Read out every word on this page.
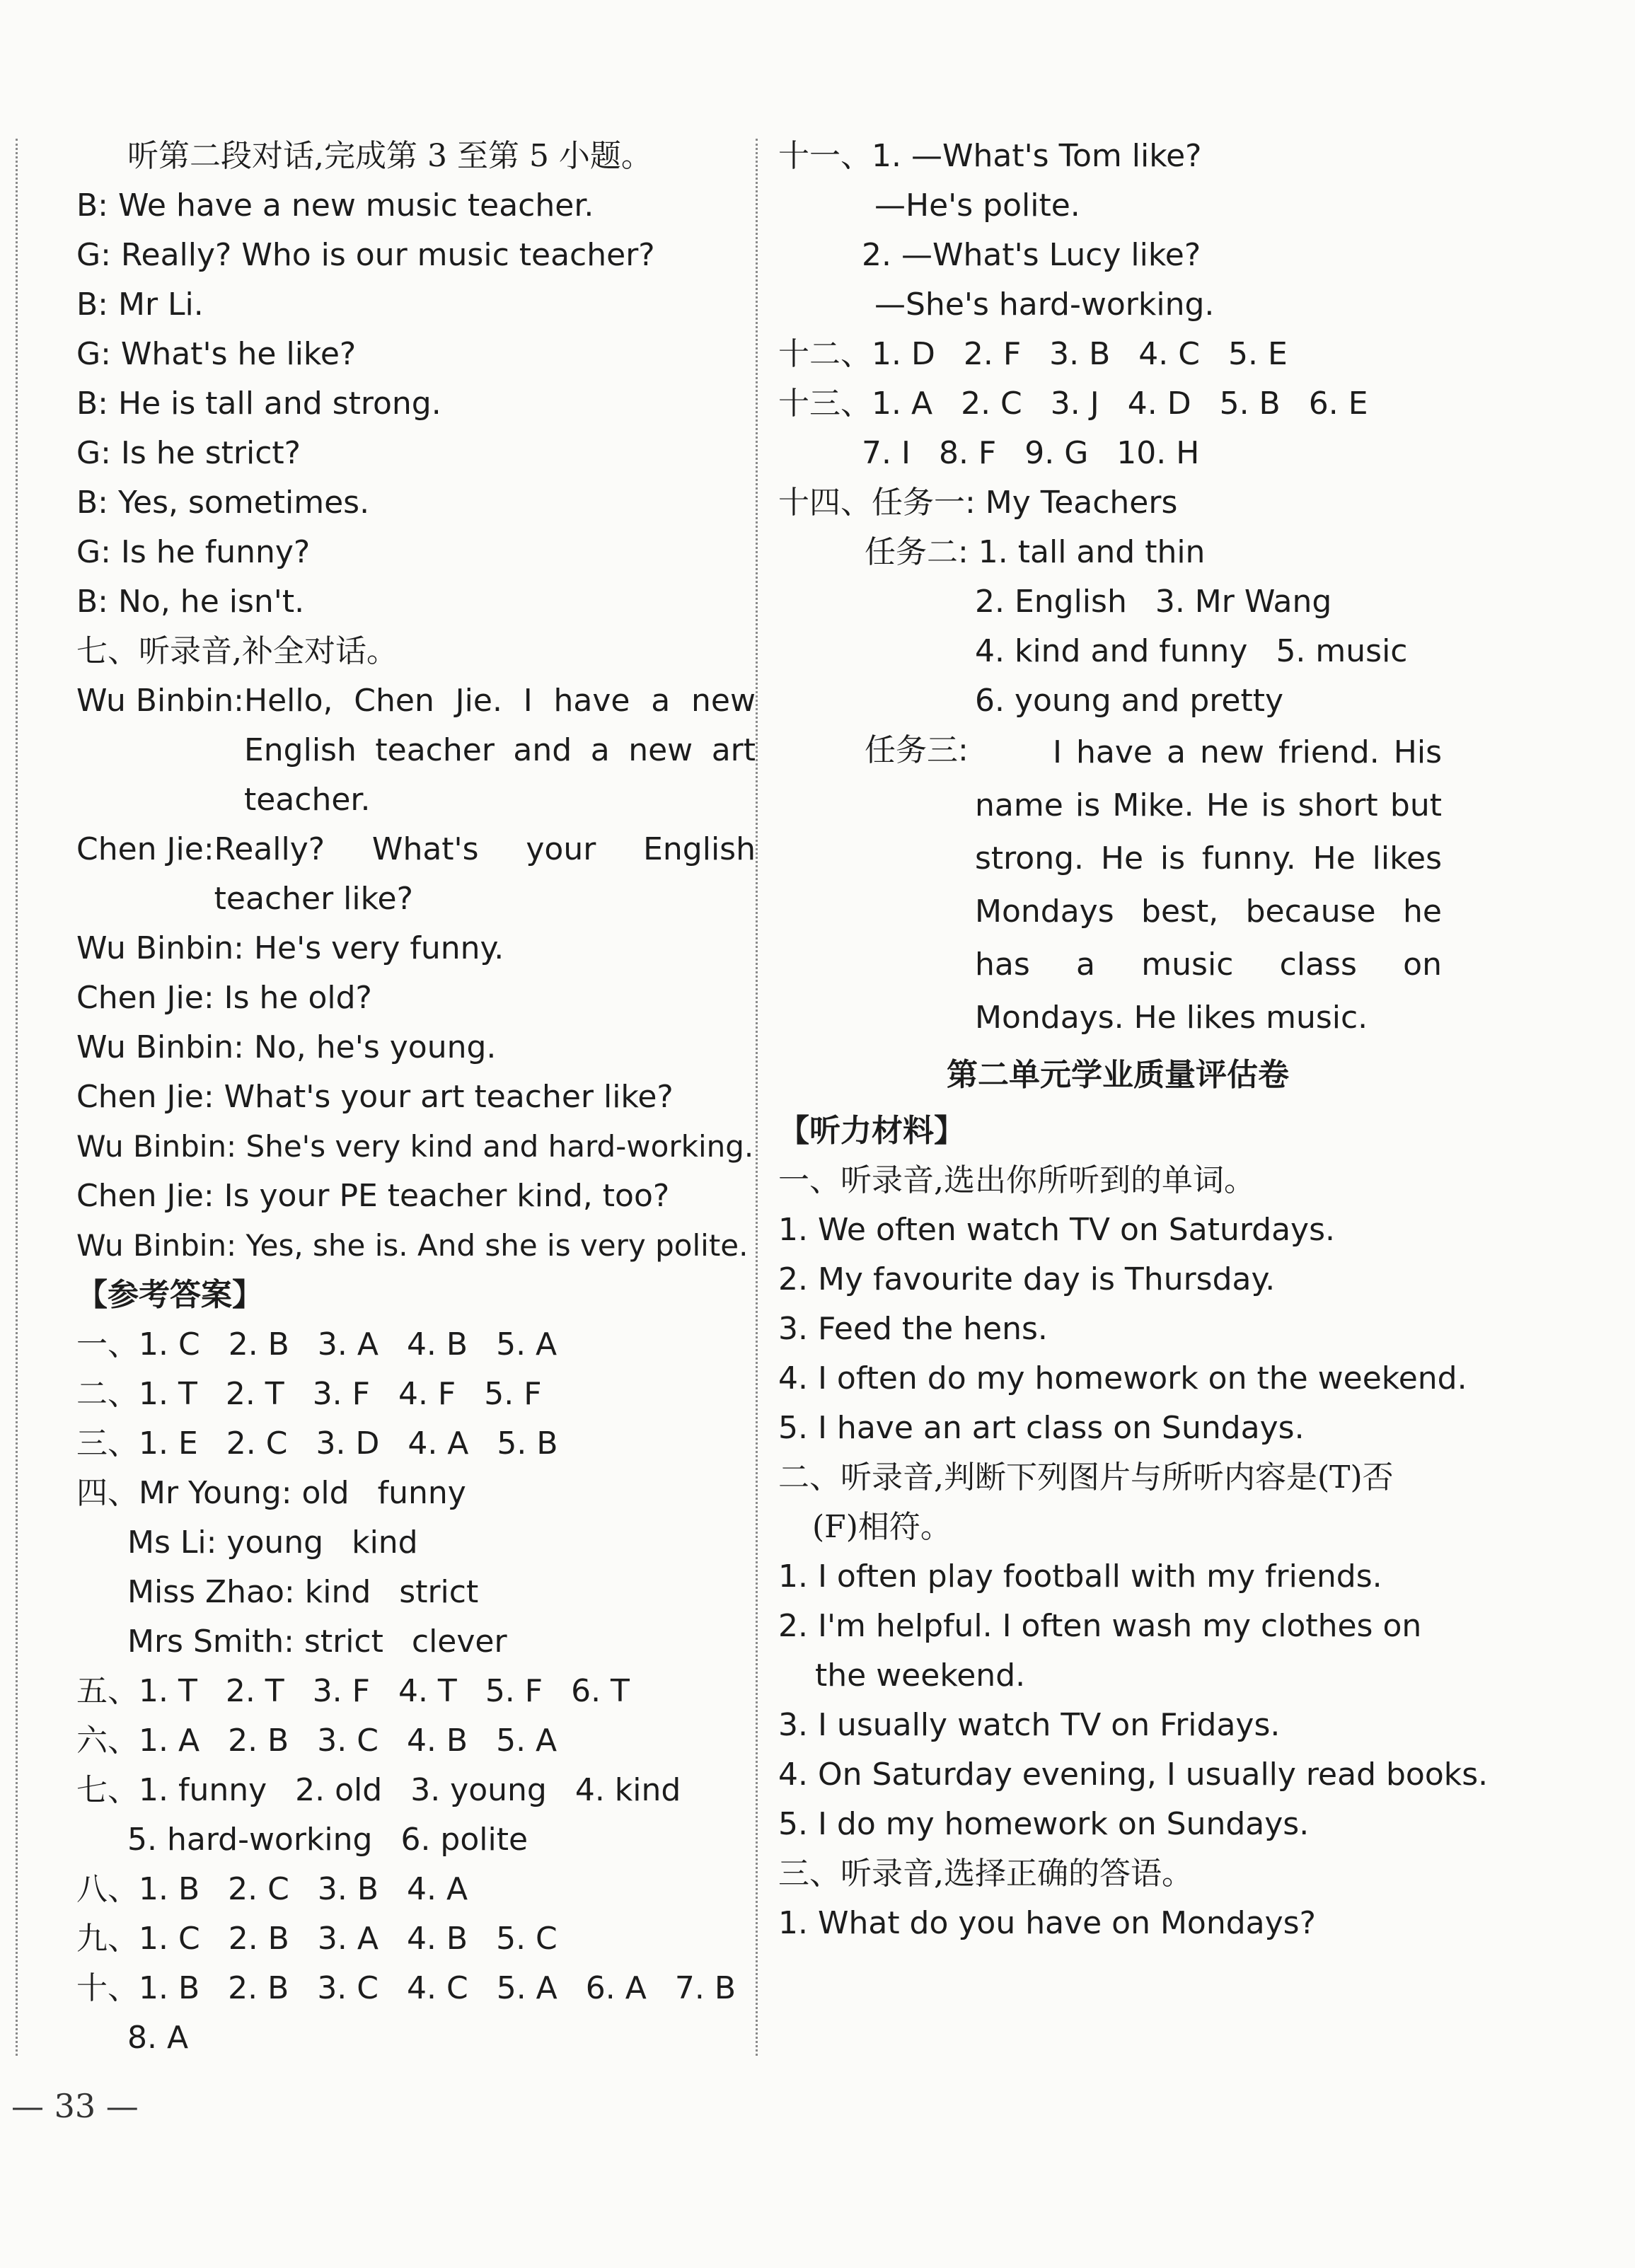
听第二段对话,完成第 3 至第 5 小题。
B: We have a new music teacher.
G: Really? Who is our music teacher?
B: Mr Li.
G: What's he like?
B: He is tall and strong.
G: Is he strict?
B: Yes, sometimes.
G: Is he funny?
B: No, he isn't.
七、听录音,补全对话。
Wu Binbin: Hello, Chen Jie. I have a new English teacher and a new art teacher.
Chen Jie: Really? What's your English teacher like?
Wu Binbin: He's very funny.
Chen Jie: Is he old?
Wu Binbin: No, he's young.
Chen Jie: What's your art teacher like?
Wu Binbin: She's very kind and hard-working.
Chen Jie: Is your PE teacher kind, too?
Wu Binbin: Yes, she is. And she is very polite.
【参考答案】
一、1. C 2. B 3. A 4. B 5. A
二、1. T 2. T 3. F 4. F 5. F
三、1. E 2. C 3. D 4. A 5. B
四、Mr Young: old funny
Ms Li: young kind
Miss Zhao: kind strict
Mrs Smith: strict clever
五、1. T 2. T 3. F 4. T 5. F 6. T
六、1. A 2. B 3. C 4. B 5. A
七、1. funny 2. old 3. young 4. kind
5. hard-working 6. polite
八、1. B 2. C 3. B 4. A
九、1. C 2. B 3. A 4. B 5. C
十、1. B 2. B 3. C 4. C 5. A 6. A 7. B
8. A
十一、1. —What's Tom like?
—He's polite.
2. —What's Lucy like?
—She's hard-working.
十二、1. D 2. F 3. B 4. C 5. E
十三、1. A 2. C 3. J 4. D 5. B 6. E
7. I 8. F 9. G 10. H
十四、任务一: My Teachers
任务二: 1. tall and thin
2. English 3. Mr Wang
4. kind and funny 5. music
6. young and pretty
任务三:	I have a new friend. His name is Mike. He is short but strong. He is funny. He likes Mondays best, because he has a music class on Mondays. He likes music.
第二单元学业质量评估卷
【听力材料】
一、听录音,选出你所听到的单词。
1. We often watch TV on Saturdays.
2. My favourite day is Thursday.
3. Feed the hens.
4. I often do my homework on the weekend.
5. I have an art class on Sundays.
二、听录音,判断下列图片与所听内容是(T)否
(F)相符。
1. I often play football with my friends.
2. I'm helpful. I often wash my clothes on
the weekend.
3. I usually watch TV on Fridays.
4. On Saturday evening, I usually read books.
5. I do my homework on Sundays.
三、听录音,选择正确的答语。
1. What do you have on Mondays?
— 33 —
